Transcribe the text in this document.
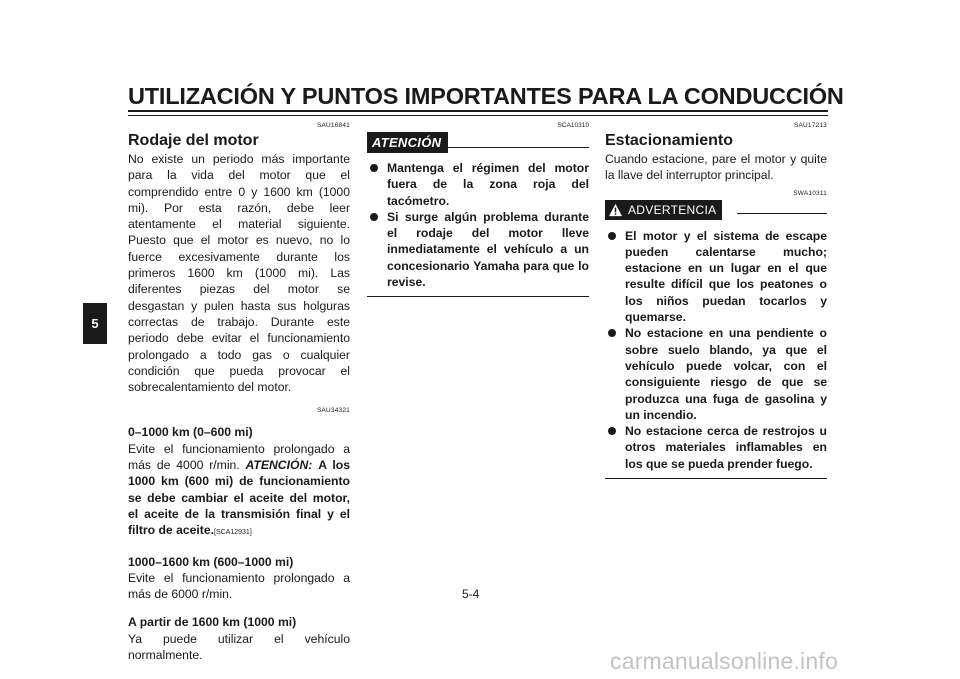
UTILIZACIÓN Y PUNTOS IMPORTANTES PARA LA CONDUCCIÓN
5
SAU16841
Rodaje del motor
No existe un periodo más importante para la vida del motor que el comprendido entre 0 y 1600 km (1000 mi). Por esta razón, debe leer atentamente el material siguiente. Puesto que el motor es nuevo, no lo fuerce excesivamente durante los primeros 1600 km (1000 mi). Las diferentes piezas del motor se desgastan y pulen hasta sus holguras correctas de trabajo. Durante este periodo debe evitar el funcionamiento prolongado a todo gas o cualquier condición que pueda provocar el sobrecalentamiento del motor.
SAU34321
0–1000 km (0–600 mi)
Evite el funcionamiento prolongado a más de 4000 r/min. ATENCIÓN: A los 1000 km (600 mi) de funcionamiento se debe cambiar el aceite del motor, el aceite de la transmisión final y el filtro de aceite.[SCA12931]
1000–1600 km (600–1000 mi)
Evite el funcionamiento prolongado a más de 6000 r/min.
A partir de 1600 km (1000 mi)
Ya puede utilizar el vehículo normalmente.
ATENCIÓN
SCA10310
Mantenga el régimen del motor fuera de la zona roja del tacómetro.
Si surge algún problema durante el rodaje del motor lleve inmediatamente el vehículo a un concesionario Yamaha para que lo revise.
SAU17213
Estacionamiento
Cuando estacione, pare el motor y quite la llave del interruptor principal.
SWA10311
ADVERTENCIA
El motor y el sistema de escape pueden calentarse mucho; estacione en un lugar en el que resulte difícil que los peatones o los niños puedan tocarlos y quemarse.
No estacione en una pendiente o sobre suelo blando, ya que el vehículo puede volcar, con el consiguiente riesgo de que se produzca una fuga de gasolina y un incendio.
No estacione cerca de restrojos u otros materiales inflamables en los que se pueda prender fuego.
5-4
carmanualsonline.info
